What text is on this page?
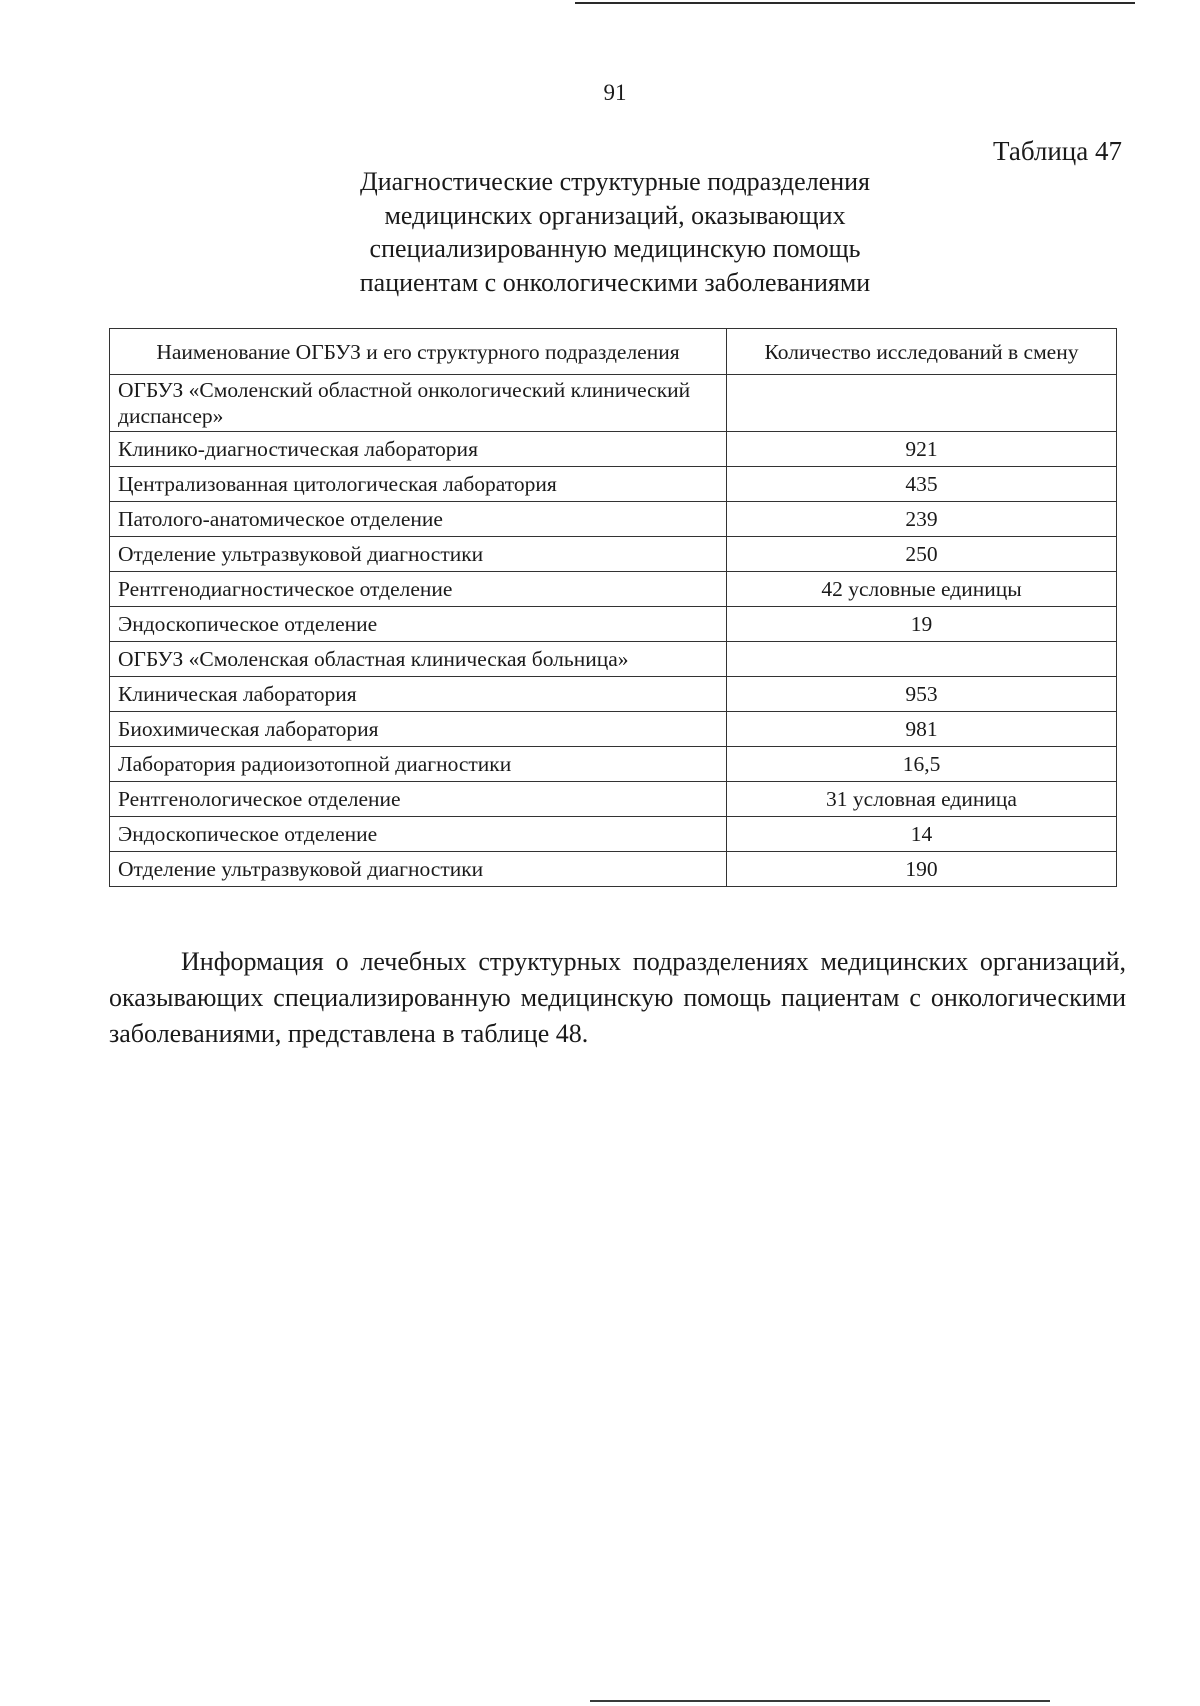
91
Таблица 47
Диагностические структурные подразделения
медицинских организаций, оказывающих
специализированную медицинскую помощь
пациентам с онкологическими заболеваниями
Наименование ОГБУЗ и его структурного подразделения	Количество исследований в смену
ОГБУЗ «Смоленский областной онкологический клинический диспансер»	
Клинико-диагностическая лаборатория	921
Централизованная цитологическая лаборатория	435
Патолого-анатомическое отделение	239
Отделение ультразвуковой диагностики	250
Рентгенодиагностическое отделение	42 условные единицы
Эндоскопическое отделение	19
ОГБУЗ «Смоленская областная клиническая больница»	
Клиническая лаборатория	953
Биохимическая лаборатория	981
Лаборатория радиоизотопной диагностики	16,5
Рентгенологическое отделение	31 условная единица
Эндоскопическое отделение	14
Отделение ультразвуковой диагностики	190

Информация о лечебных структурных подразделениях медицинских организаций, оказывающих специализированную медицинскую помощь пациентам с онкологическими заболеваниями, представлена в таблице 48.
